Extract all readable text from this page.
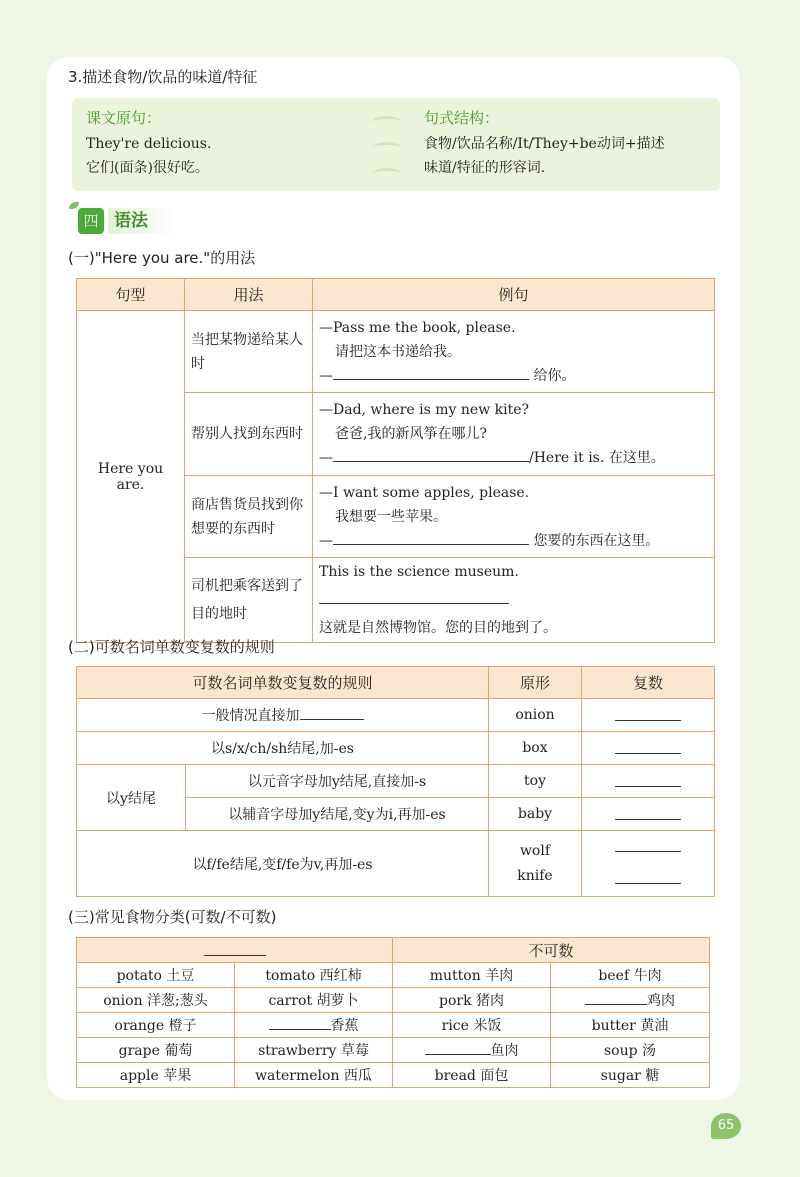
3.描述食物/饮品的味道/特征
课文原句：
They're delicious.
它们(面条)很好吃。
句式结构：
食物/饮品名称/It/They+be动词+描述
味道/特征的形容词.
四 语法
(一)"Here you are."的用法
句型	用法	例句
Here you are.	当把某物递给某人时	—Pass me the book, please.
请把这本书递给我。
— 给你。

	帮别人找到东西时	—Dad, where is my new kite?
爸爸,我的新风筝在哪儿?
— /Here it is. 在这里。

	商店售货员找到你想要的东西时	—I want some apples, please.
我想要一些苹果。
— 您要的东西在这里。

	司机把乘客送到了目的地时	This is the science museum.
这就是自然博物馆。您的目的地到了。
(二)可数名词单数变复数的规则
可数名词单数变复数的规则		原形	复数
一般情况直接加		onion	
以s/x/ch/sh结尾,加-es		box	
以y结尾	以元音字母加y结尾,直接加-s	toy	
	以辅音字母加y结尾,变y为i,再加-es	baby	
以f/fe结尾,变f/fe为v,再加-es		wolf
knife	

(三)常见食物分类(可数/不可数)
		不可数	
potato 土豆	tomato 西红柿	mutton 羊肉	beef 牛肉
onion 洋葱;葱头	carrot 胡萝卜	pork 猪肉	鸡肉
orange 橙子	香蕉	rice 米饭	butter 黄油
grape 葡萄	strawberry 草莓	鱼肉	soup 汤
apple 苹果	watermelon 西瓜	bread 面包	sugar 糖
65
